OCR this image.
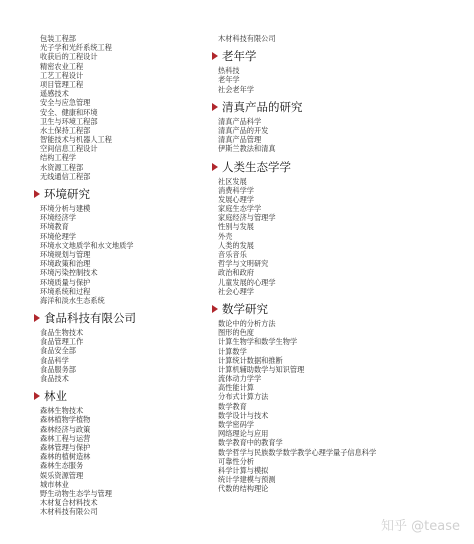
包装工程部
光子学和光纤系统工程
收获后的工程设计
精密农业工程
工艺工程设计
项目管理工程
遥感技术
安全与应急管理
安全、健康和环境
卫生与环境工程部
水土保持工程部
智能技术与机器人工程
空间信息工程设计
结构工程学
水资源工程部
无线通信工程部
环境研究
环境分析与建模
环境经济学
环境教育
环境伦理学
环境水文地质学和水文地质学
环境规划与管理
环境政策和治理
环境污染控制技术
环境质量与保护
环境系统和过程
海洋和淡水生态系统
食品科技有限公司
食品生物技术
食品管理工作
食品安全部
食品科学
食品服务部
食品技术
林业
森林生物技术
森林植物学植物
森林经济与政策
森林工程与运营
森林管理与保护
森林的植树造林
森林生态服务
娱乐资源管理
城市林业
野生动物生态学与管理
木材复合材料技术
木材科技有限公司
木材科技有限公司
老年学
热科技
老年学
社会老年学
清真产品的研究
清真产品科学
清真产品的开发
清真产品管理
伊斯兰教法和清真
人类生态学学
社区发展
消费科学学
发展心理学
家庭生态学学
家庭经济与管理学
性别与发展
外壳
人类的发展
音乐音乐
哲学与文明研究
政治和政府
儿童发展的心理学
社会心理学
数学研究
数论中的分析方法
图形的色度
计算生物学和数学生物学
计算数学
计算统计数据和推断
计算机辅助数学与知识管理
流体动力学学
高性能计算
分布式计算方法
数学教育
数学设计与技术
数学密码学
网络理论与应用
数学教育中的教育学
数学哲学与民族数学数学教学心理学量子信息科学
可靠性分析
科学计算与模拟
统计学建模与预测
代数的结构理论
知乎 @tease
